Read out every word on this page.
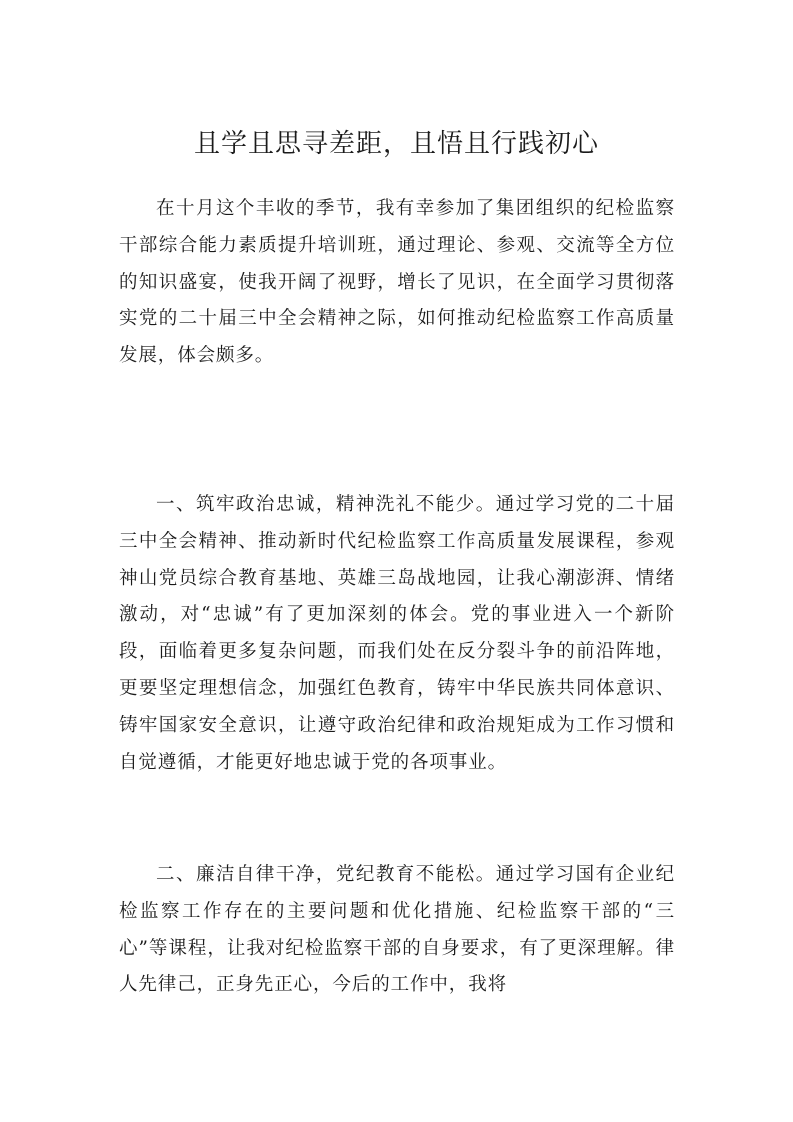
且学且思寻差距，且悟且行践初心

在十月这个丰收的季节，我有幸参加了集团组织的纪检监察干部综合能力素质提升培训班，通过理论、参观、交流等全方位的知识盛宴，使我开阔了视野，增长了见识，在全面学习贯彻落实党的二十届三中全会精神之际，如何推动纪检监察工作高质量发展，体会颇多。

一、筑牢政治忠诚，精神洗礼不能少。通过学习党的二十届三中全会精神、推动新时代纪检监察工作高质量发展课程，参观神山党员综合教育基地、英雄三岛战地园，让我心潮澎湃、情绪激动，对“忠诚”有了更加深刻的体会。党的事业进入一个新阶段，面临着更多复杂问题，而我们处在反分裂斗争的前沿阵地，更要坚定理想信念，加强红色教育，铸牢中华民族共同体意识、铸牢国家安全意识，让遵守政治纪律和政治规矩成为工作习惯和自觉遵循，才能更好地忠诚于党的各项事业。

二、廉洁自律干净，党纪教育不能松。通过学习国有企业纪检监察工作存在的主要问题和优化措施、纪检监察干部的“三心”等课程，让我对纪检监察干部的自身要求，有了更深理解。律人先律己，正身先正心，今后的工作中，我将
